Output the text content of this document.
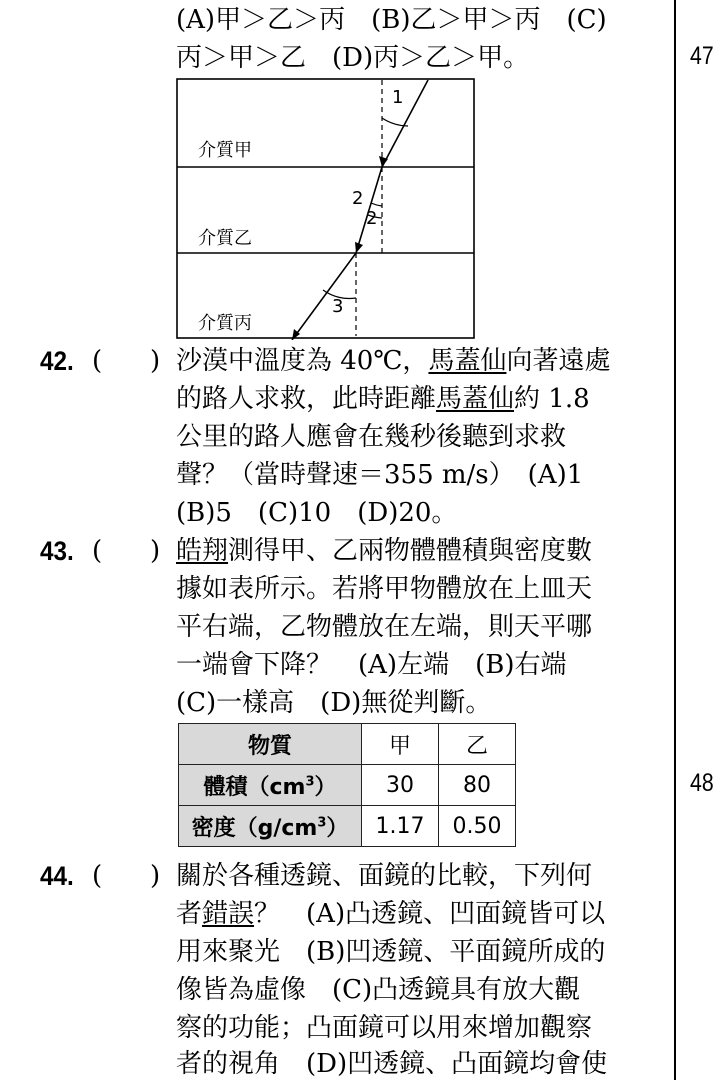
(A)甲＞乙＞丙　(B)乙＞甲＞丙　(C)
丙＞甲＞乙　(D)丙＞乙＞甲。
介質甲
介質乙
介質丙
1
2
2
3
42. ( ) 沙漠中溫度為 40℃，馬蓋仙向著遠處
的路人求救，此時距離馬蓋仙約 1.8
公里的路人應會在幾秒後聽到求救
聲？（當時聲速＝355 m/s）　(A)1
(B)5　(C)10　(D)20。
43. ( ) 皓翔測得甲、乙兩物體體積與密度數
據如表所示。若將甲物體放在上皿天
平右端，乙物體放在左端，則天平哪
一端會下降？　(A)左端　(B)右端
(C)一樣高　(D)無從判斷。
物質	甲	乙
體積$(cm^3)$	30	80
密度$(g/cm^3)$	1.17	0.50
44. ( ) 關於各種透鏡、面鏡的比較，下列何
者錯誤？　(A)凸透鏡、凹面鏡皆可以
用來聚光　(B)凹透鏡、平面鏡所成的
像皆為虛像　(C)凸透鏡具有放大觀
察的功能；凸面鏡可以用來增加觀察
者的視角　(D)凹透鏡、凸面鏡均會使
47
48
